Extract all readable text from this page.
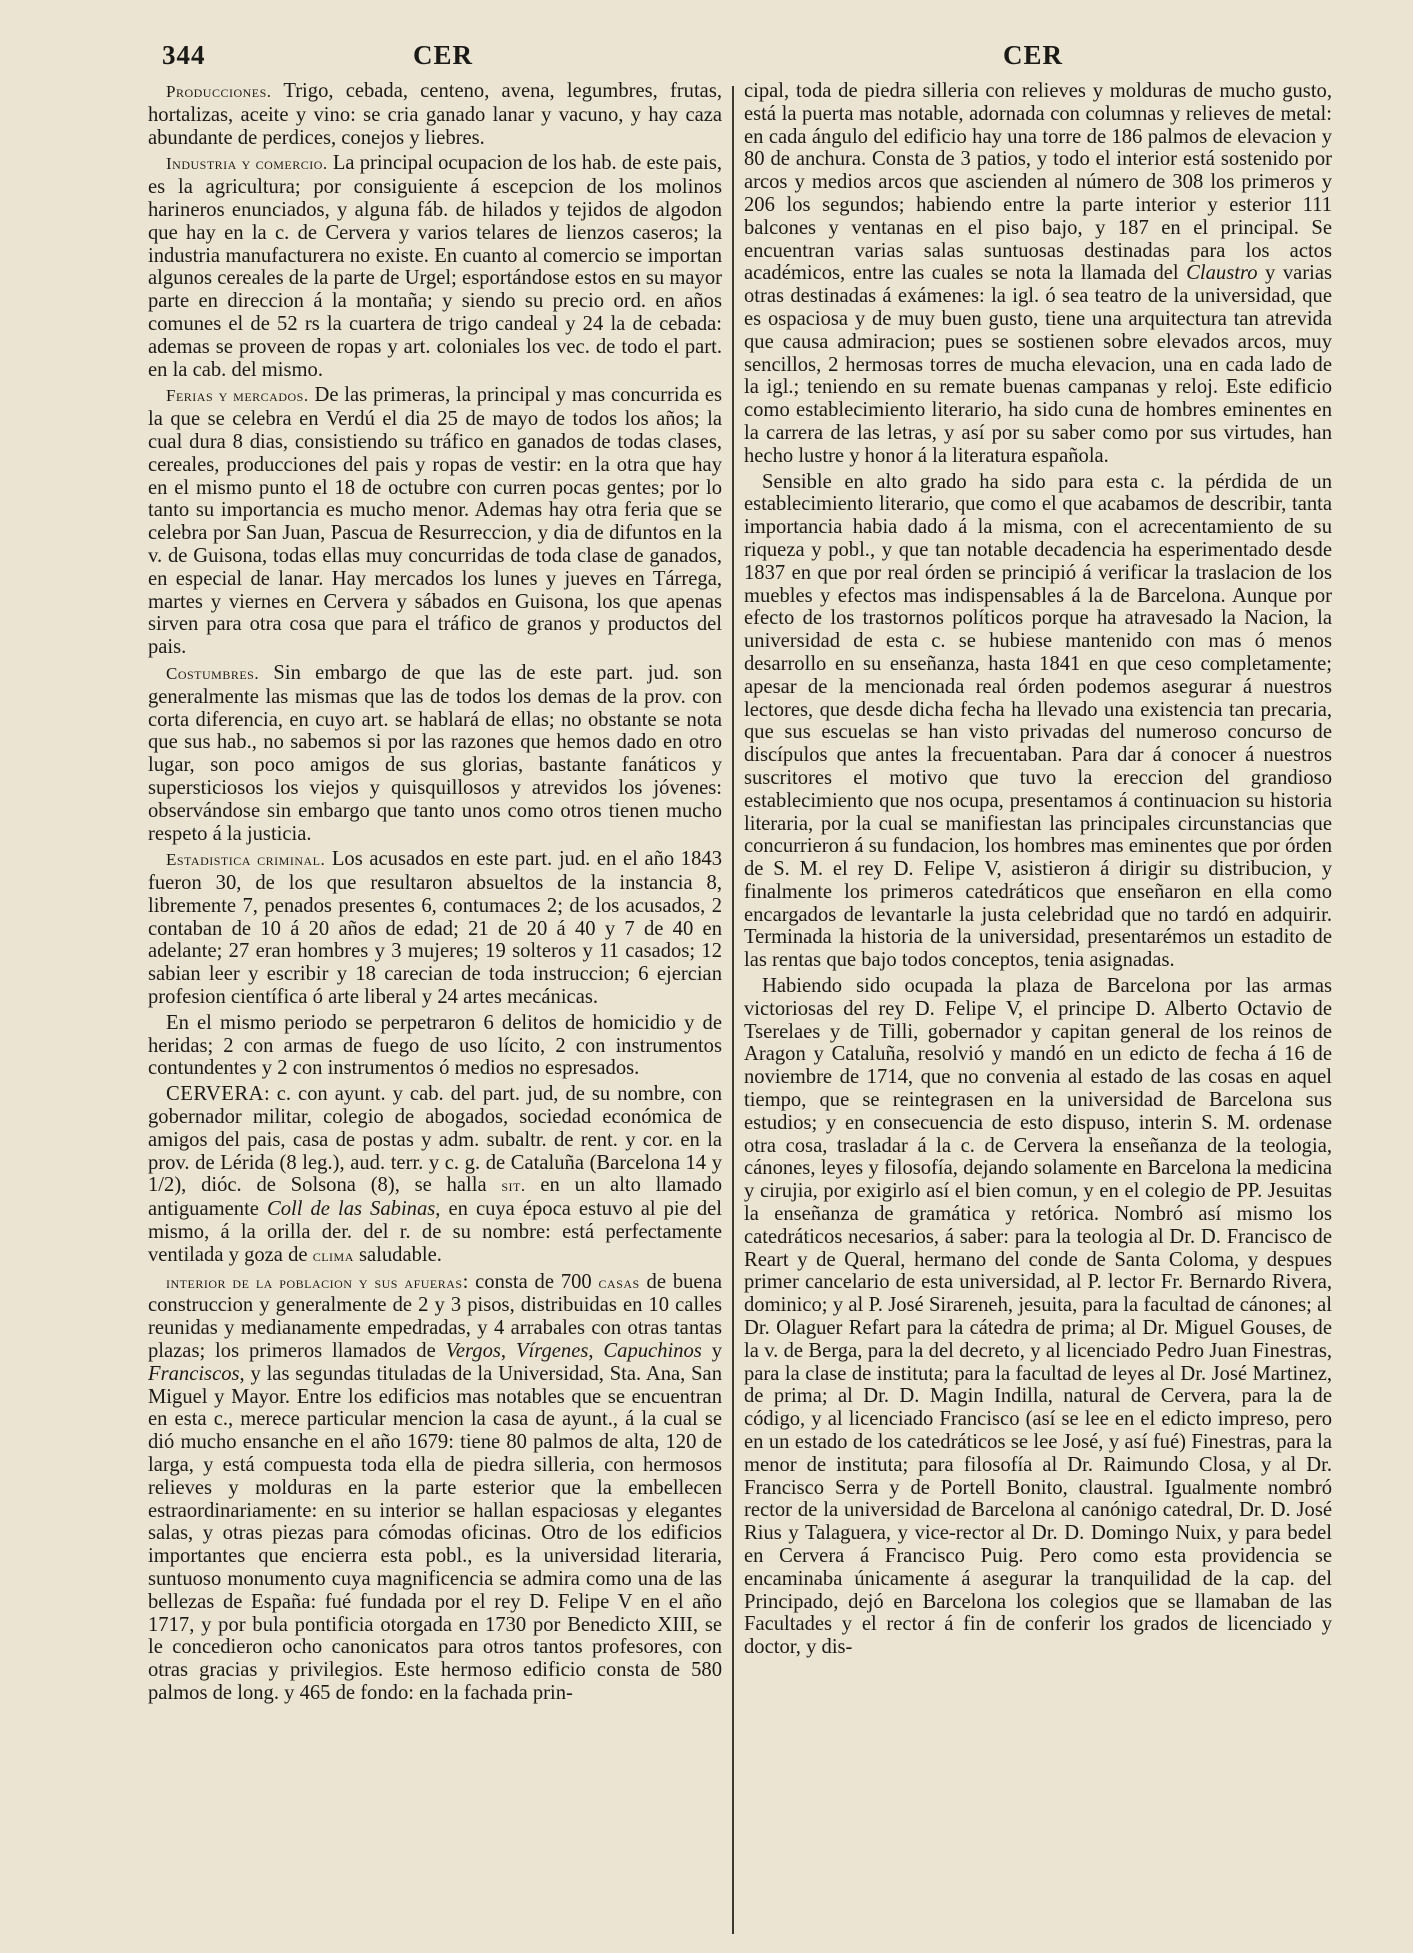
344	CER	CER

Producciones. Trigo, cebada, centeno, avena, legumbres, frutas, hortalizas, aceite y vino: se cria ganado lanar y vacuno, y hay caza abundante de perdices, conejos y liebres.

Industria y comercio. La principal ocupacion de los hab. de este pais, es la agricultura; por consiguiente á escepcion de los molinos harineros enunciados, y alguna fáb. de hilados y tejidos de algodon que hay en la c. de Cervera y varios telares de lienzos caseros; la industria manufacturera no existe. En cuanto al comercio se importan algunos cereales de la parte de Urgel; esportándose estos en su mayor parte en direccion á la montaña; y siendo su precio ord. en años comunes el de 52 rs la cuartera de trigo candeal y 24 la de cebada: ademas se proveen de ropas y art. coloniales los vec. de todo el part. en la cab. del mismo.

Ferias y mercados. De las primeras, la principal y mas concurrida es la que se celebra en Verdú el dia 25 de mayo de todos los años; la cual dura 8 dias, consistiendo su tráfico en ganados de todas clases, cereales, producciones del pais y ropas de vestir: en la otra que hay en el mismo punto el 18 de octubre con curren pocas gentes; por lo tanto su importancia es mucho menor. Ademas hay otra feria que se celebra por San Juan, Pascua de Resurreccion, y dia de difuntos en la v. de Guisona, todas ellas muy concurridas de toda clase de ganados, en especial de lanar. Hay mercados los lunes y jueves en Tárrega, martes y viernes en Cervera y sábados en Guisona, los que apenas sirven para otra cosa que para el tráfico de granos y productos del pais.

Costumbres. Sin embargo de que las de este part. jud. son generalmente las mismas que las de todos los demas de la prov. con corta diferencia, en cuyo art. se hablará de ellas; no obstante se nota que sus hab., no sabemos si por las razones que hemos dado en otro lugar, son poco amigos de sus glorias, bastante fanáticos y supersticiosos los viejos y quisquillosos y atrevidos los jóvenes: observándose sin embargo que tanto unos como otros tienen mucho respeto á la justicia.

Estadistica criminal. Los acusados en este part. jud. en el año 1843 fueron 30, de los que resultaron absueltos de la instancia 8, libremente 7, penados presentes 6, contumaces 2; de los acusados, 2 contaban de 10 á 20 años de edad; 21 de 20 á 40 y 7 de 40 en adelante; 27 eran hombres y 3 mujeres; 19 solteros y 11 casados; 12 sabian leer y escribir y 18 carecian de toda instruccion; 6 ejercian profesion científica ó arte liberal y 24 artes mecánicas.

En el mismo periodo se perpetraron 6 delitos de homicidio y de heridas; 2 con armas de fuego de uso lícito, 2 con instrumentos contundentes y 2 con instrumentos ó medios no espresados.

CERVERA: c. con ayunt. y cab. del part. jud, de su nombre, con gobernador militar, colegio de abogados, sociedad económica de amigos del pais, casa de postas y adm. subaltr. de rent. y cor. en la prov. de Lérida (8 leg.), aud. terr. y c. g. de Cataluña (Barcelona 14 y 1/2), dióc. de Solsona (8), se halla sit. en un alto llamado antiguamente Coll de las Sabinas, en cuya época estuvo al pie del mismo, á la orilla der. del r. de su nombre: está perfectamente ventilada y goza de clima saludable.

interior de la poblacion y sus afueras: consta de 700 casas de buena construccion y generalmente de 2 y 3 pisos, distribuidas en 10 calles reunidas y medianamente empedradas, y 4 arrabales con otras tantas plazas; los primeros llamados de Vergos, Vírgenes, Capuchinos y Franciscos, y las segundas tituladas de la Universidad, Sta. Ana, San Miguel y Mayor. Entre los edificios mas notables que se encuentran en esta c., merece particular mencion la casa de ayunt., á la cual se dió mucho ensanche en el año 1679: tiene 80 palmos de alta, 120 de larga, y está compuesta toda ella de piedra silleria, con hermosos relieves y molduras en la parte esterior que la embellecen estraordinariamente: en su interior se hallan espaciosas y elegantes salas, y otras piezas para cómodas oficinas. Otro de los edificios importantes que encierra esta pobl., es la universidad literaria, suntuoso monumento cuya magnificencia se admira como una de las bellezas de España: fué fundada por el rey D. Felipe V en el año 1717, y por bula pontificia otorgada en 1730 por Benedicto XIII, se le concedieron ocho canonicatos para otros tantos profesores, con otras gracias y privilegios. Este hermoso edificio consta de 580 palmos de long. y 465 de fondo: en la fachada prin-

cipal, toda de piedra silleria con relieves y molduras de mucho gusto, está la puerta mas notable, adornada con columnas y relieves de metal: en cada ángulo del edificio hay una torre de 186 palmos de elevacion y 80 de anchura. Consta de 3 patios, y todo el interior está sostenido por arcos y medios arcos que ascienden al número de 308 los primeros y 206 los segundos; habiendo entre la parte interior y esterior 111 balcones y ventanas en el piso bajo, y 187 en el principal. Se encuentran varias salas suntuosas destinadas para los actos académicos, entre las cuales se nota la llamada del Claustro y varias otras destinadas á exámenes: la igl. ó sea teatro de la universidad, que es ospaciosa y de muy buen gusto, tiene una arquitectura tan atrevida que causa admiracion; pues se sostienen sobre elevados arcos, muy sencillos, 2 hermosas torres de mucha elevacion, una en cada lado de la igl.; teniendo en su remate buenas campanas y reloj. Este edificio como establecimiento literario, ha sido cuna de hombres eminentes en la carrera de las letras, y así por su saber como por sus virtudes, han hecho lustre y honor á la literatura española.

Sensible en alto grado ha sido para esta c. la pérdida de un establecimiento literario, que como el que acabamos de describir, tanta importancia habia dado á la misma, con el acrecentamiento de su riqueza y pobl., y que tan notable decadencia ha esperimentado desde 1837 en que por real órden se principió á verificar la traslacion de los muebles y efectos mas indispensables á la de Barcelona. Aunque por efecto de los trastornos políticos porque ha atravesado la Nacion, la universidad de esta c. se hubiese mantenido con mas ó menos desarrollo en su enseñanza, hasta 1841 en que ceso completamente; apesar de la mencionada real órden podemos asegurar á nuestros lectores, que desde dicha fecha ha llevado una existencia tan precaria, que sus escuelas se han visto privadas del numeroso concurso de discípulos que antes la frecuentaban. Para dar á conocer á nuestros suscritores el motivo que tuvo la ereccion del grandioso establecimiento que nos ocupa, presentamos á continuacion su historia literaria, por la cual se manifiestan las principales circunstancias que concurrieron á su fundacion, los hombres mas eminentes que por órden de S. M. el rey D. Felipe V, asistieron á dirigir su distribucion, y finalmente los primeros catedráticos que enseñaron en ella como encargados de levantarle la justa celebridad que no tardó en adquirir. Terminada la historia de la universidad, presentarémos un estadito de las rentas que bajo todos conceptos, tenia asignadas.

Habiendo sido ocupada la plaza de Barcelona por las armas victoriosas del rey D. Felipe V, el principe D. Alberto Octavio de Tserelaes y de Tilli, gobernador y capitan general de los reinos de Aragon y Cataluña, resolvió y mandó en un edicto de fecha á 16 de noviembre de 1714, que no convenia al estado de las cosas en aquel tiempo, que se reintegrasen en la universidad de Barcelona sus estudios; y en consecuencia de esto dispuso, interin S. M. ordenase otra cosa, trasladar á la c. de Cervera la enseñanza de la teologia, cánones, leyes y filosofía, dejando solamente en Barcelona la medicina y cirujia, por exigirlo así el bien comun, y en el colegio de PP. Jesuitas la enseñanza de gramática y retórica. Nombró así mismo los catedráticos necesarios, á saber: para la teologia al Dr. D. Francisco de Reart y de Queral, hermano del conde de Santa Coloma, y despues primer cancelario de esta universidad, al P. lector Fr. Bernardo Rivera, dominico; y al P. José Sirareneh, jesuita, para la facultad de cánones; al Dr. Olaguer Refart para la cátedra de prima; al Dr. Miguel Gouses, de la v. de Berga, para la del decreto, y al licenciado Pedro Juan Finestras, para la clase de instituta; para la facultad de leyes al Dr. José Martinez, de prima; al Dr. D. Magin Indilla, natural de Cervera, para la de código, y al licenciado Francisco (así se lee en el edicto impreso, pero en un estado de los catedráticos se lee José, y así fué) Finestras, para la menor de instituta; para filosofía al Dr. Raimundo Closa, y al Dr. Francisco Serra y de Portell Bonito, claustral. Igualmente nombró rector de la universidad de Barcelona al canónigo catedral, Dr. D. José Rius y Talaguera, y vice-rector al Dr. D. Domingo Nuix, y para bedel en Cervera á Francisco Puig. Pero como esta providencia se encaminaba únicamente á asegurar la tranquilidad de la cap. del Principado, dejó en Barcelona los colegios que se llamaban de las Facultades y el rector á fin de conferir los grados de licenciado y doctor, y dis-
